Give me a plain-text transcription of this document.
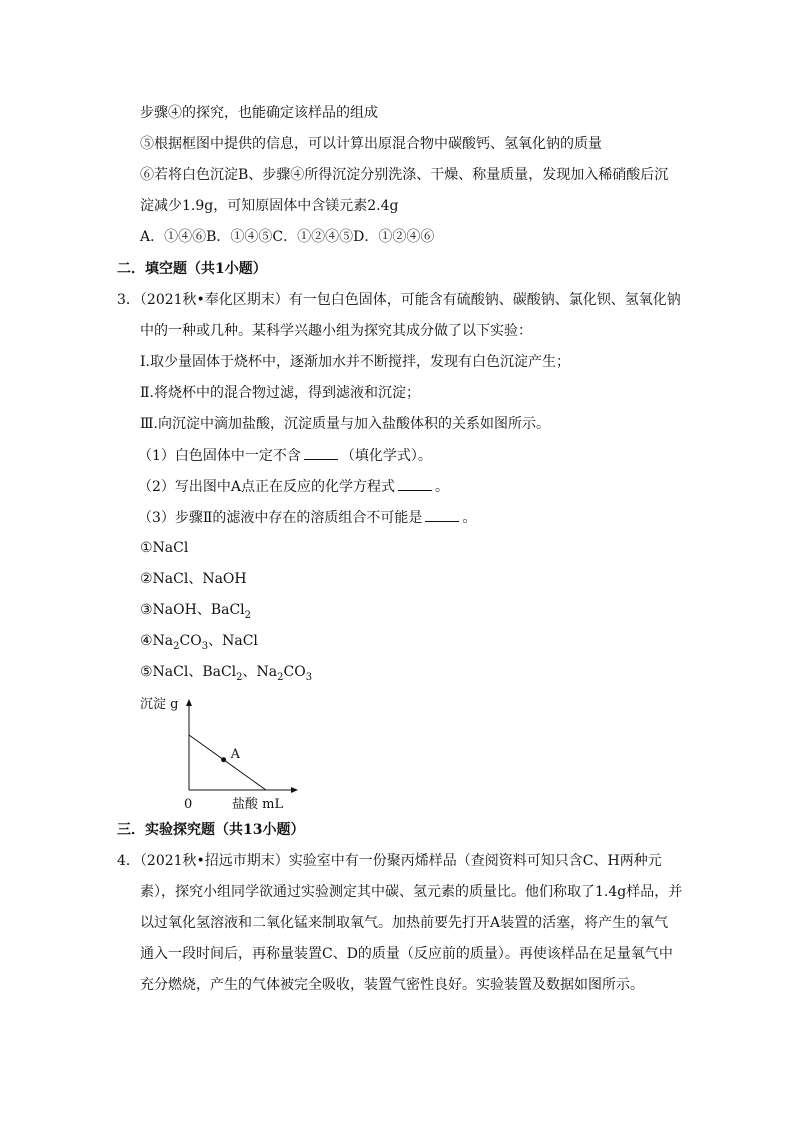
步骤④的探究，也能确定该样品的组成
⑤根据框图中提供的信息，可以计算出原混合物中碳酸钙、氢氧化钠的质量
⑥若将白色沉淀B、步骤④所得沉淀分别洗涤、干燥、称量质量，发现加入稀硝酸后沉
淀减少1.9g，可知原固体中含镁元素2.4g
A．①④⑥B．①④⑤C．①②④⑤D．①②④⑥
二．填空题（共1小题）
3．（2021秋•奉化区期末）有一包白色固体，可能含有硫酸钠、碳酸钠、氯化钡、氢氧化钠
中的一种或几种。某科学兴趣小组为探究其成分做了以下实验：
Ⅰ.取少量固体于烧杯中，逐渐加水并不断搅拌，发现有白色沉淀产生；
Ⅱ.将烧杯中的混合物过滤，得到滤液和沉淀；
Ⅲ.向沉淀中滴加盐酸，沉淀质量与加入盐酸体积的关系如图所示。
（1）白色固体中一定不含	（填化学式）。
（2）写出图中A点正在反应的化学方程式	。
（3）步骤Ⅱ的滤液中存在的溶质组合不可能是	。
①NaCl
②NaCl、NaOH
③NaOH、BaCl$_2$
$④Na_2CO_3$、NaCl
⑤NaCl、BaCl$_2$、$Na_2CO_3$
沉淀 g
0	盐酸 mL
A
三．实验探究题（共13小题）
4．（2021秋•招远市期末）实验室中有一份聚丙烯样品（查阅资料可知只含C、H两种元
素），探究小组同学欲通过实验测定其中碳、氢元素的质量比。他们称取了1.4g样品，并
以过氧化氢溶液和二氧化锰来制取氧气。加热前要先打开A装置的活塞，将产生的氧气
通入一段时间后，再称量装置C、D的质量（反应前的质量）。再使该样品在足量氧气中
充分燃烧，产生的气体被完全吸收，装置气密性良好。实验装置及数据如图所示。
